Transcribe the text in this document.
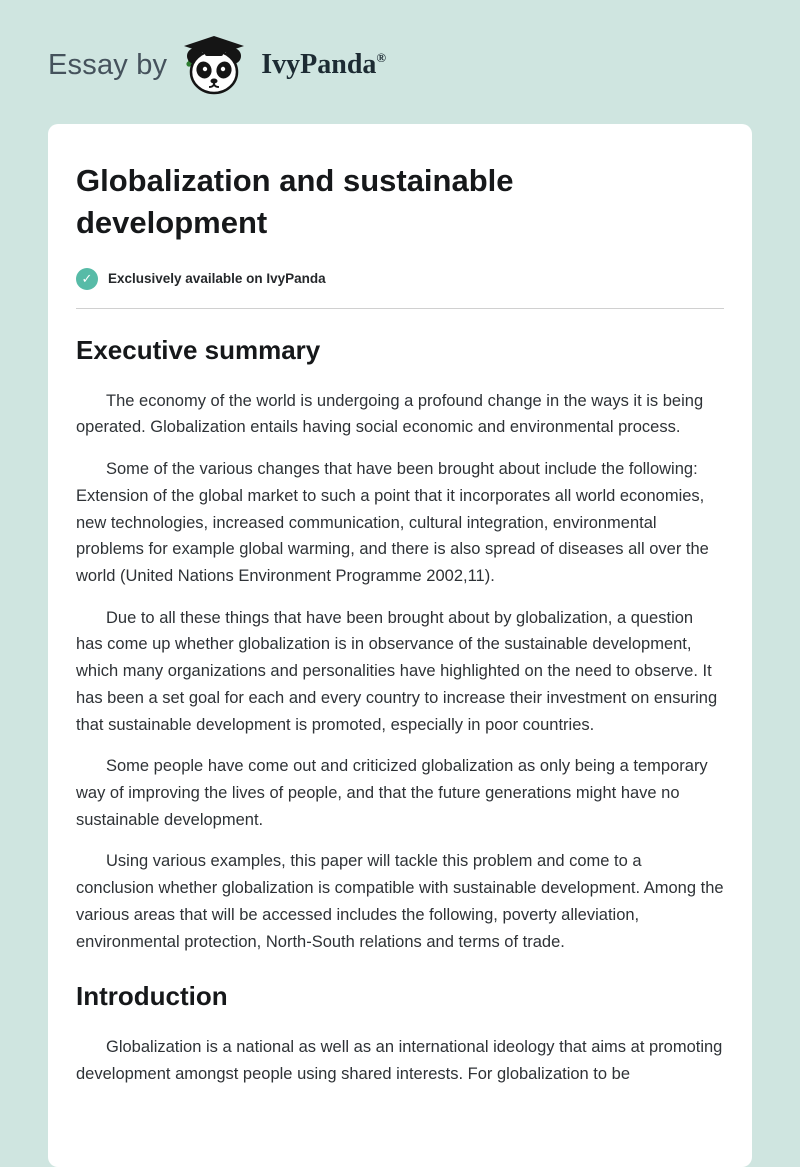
Essay by	IvyPanda ®
Globalization and sustainable development
✓	Exclusively available on IvyPanda
Executive summary

The economy of the world is undergoing a profound change in the ways it is being operated. Globalization entails having social economic and environmental process.

Some of the various changes that have been brought about include the following: Extension of the global market to such a point that it incorporates all world economies, new technologies, increased communication, cultural integration, environmental problems for example global warming, and there is also spread of diseases all over the world (United Nations Environment Programme 2002,11).

Due to all these things that have been brought about by globalization, a question has come up whether globalization is in observance of the sustainable development, which many organizations and personalities have highlighted on the need to observe. It has been a set goal for each and every country to increase their investment on ensuring that sustainable development is promoted, especially in poor countries.

Some people have come out and criticized globalization as only being a temporary way of improving the lives of people, and that the future generations might have no sustainable development.

Using various examples, this paper will tackle this problem and come to a conclusion whether globalization is compatible with sustainable development. Among the various areas that will be accessed includes the following, poverty alleviation, environmental protection, North-South relations and terms of trade.

Introduction

Globalization is a national as well as an international ideology that aims at promoting development amongst people using shared interests. For globalization to be
